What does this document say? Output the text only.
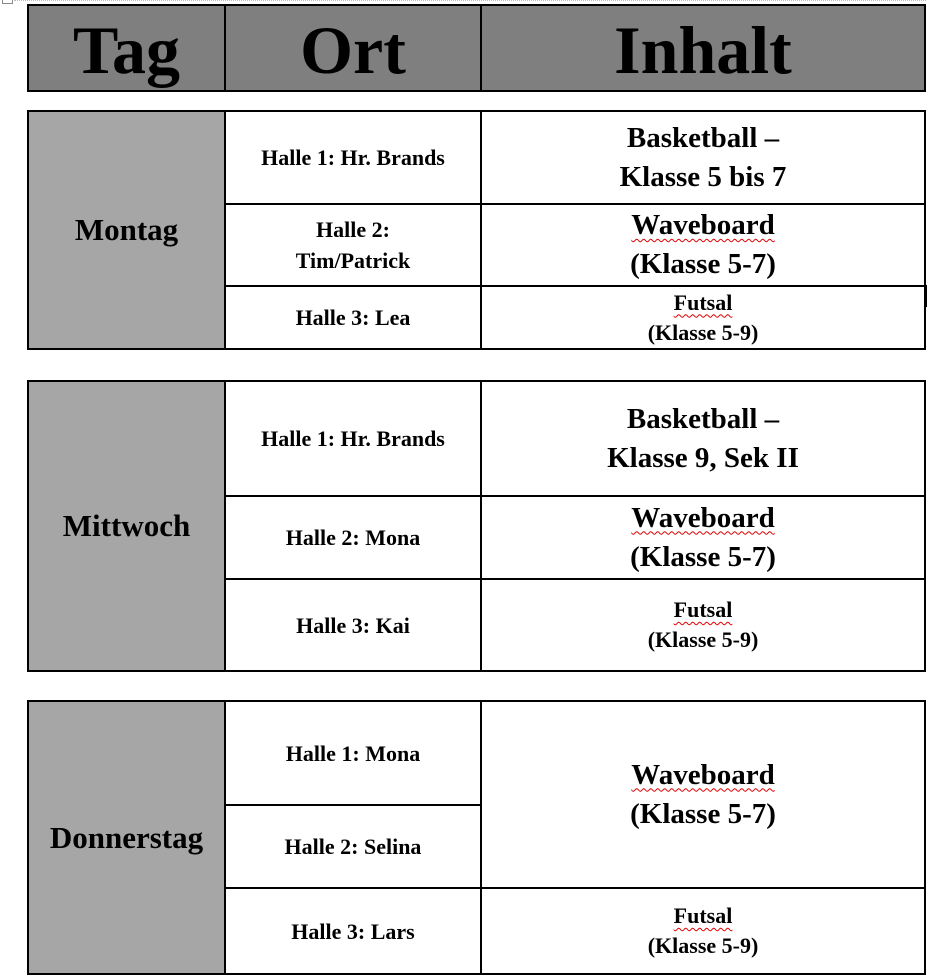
Tag	Ort	Inhalt
Montag	Halle 1: Hr. Brands	Basketball –
Klasse 5 bis 7

	Halle 2:
Tim/Patrick	Waveboard
(Klasse 5-7)

	Halle 3: Lea	Futsal
(Klasse 5-9)
Mittwoch	Halle 1: Hr. Brands	Basketball –
Klasse 9, Sek II

	Halle 2: Mona	Waveboard
(Klasse 5-7)

	Halle 3: Kai	Futsal
(Klasse 5-9)
Donnerstag	Halle 1: Mona	Waveboard
(Klasse 5-7)

	Halle 2: Selina	
	Halle 3: Lars	Futsal
(Klasse 5-9)
